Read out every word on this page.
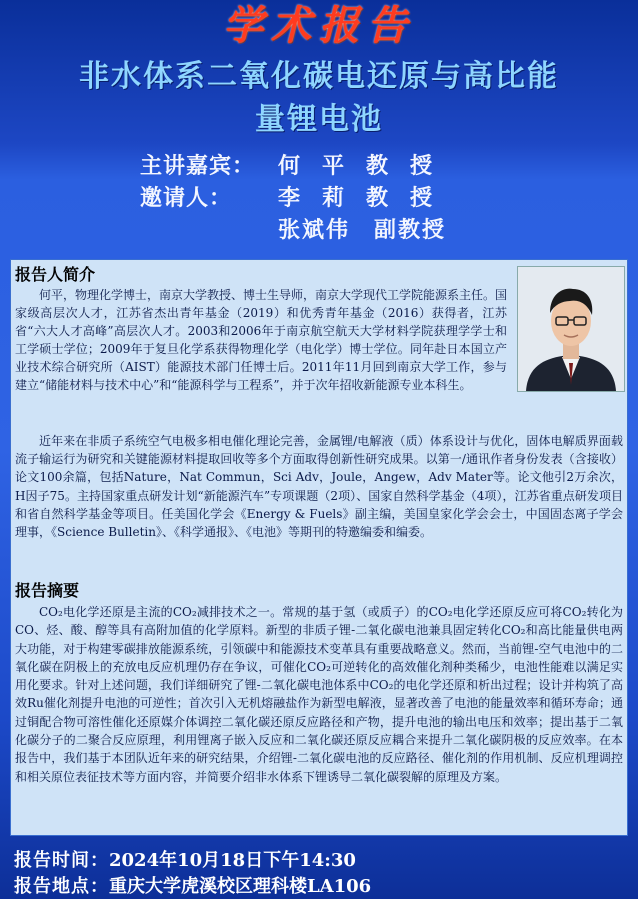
学术报告
非水体系二氧化碳电还原与高比能
量锂电池
主讲嘉宾： 何平教授
邀请人： 李莉教授
张斌伟　副教授
报告人简介
何平，物理化学博士，南京大学教授、博士生导师，南京大学现代工学院能源系主任。国家级高层次人才，江苏省杰出青年基金（2019）和优秀青年基金（2016）获得者，江苏省“六大人才高峰”高层次人才。2003和2006年于南京航空航天大学材料学院获理学学士和工学硕士学位；2009年于复旦化学系获得物理化学（电化学）博士学位。同年赴日本国立产业技术综合研究所（AIST）能源技术部门任博士后。2011年11月回到南京大学工作，参与建立“储能材料与技术中心”和“能源科学与工程系”，并于次年招收新能源专业本科生。
近年来在非质子系统空气电极多相电催化理论完善，金属锂/电解液（质）体系设计与优化，固体电解质界面载流子输运行为研究和关键能源材料提取回收等多个方面取得创新性研究成果。以第一/通讯作者身份发表（含接收）论文100余篇，包括Nature，Nat Commun，Sci Adv，Joule，Angew，Adv Mater等。论文他引2万余次，H因子75。主持国家重点研发计划“新能源汽车”专项课题（2项）、国家自然科学基金（4项），江苏省重点研发项目和省自然科学基金等项目。任美国化学会《Energy & Fuels》副主编，美国皇家化学会会士，中国固态离子学会理事，《Science Bulletin》、《科学通报》、《电池》等期刊的特邀编委和编委。
报告摘要
CO₂电化学还原是主流的CO₂减排技术之一。常规的基于氢（或质子）的CO₂电化学还原反应可将CO₂转化为CO、烃、酸、醇等具有高附加值的化学原料。新型的非质子锂-二氧化碳电池兼具固定转化CO₂和高比能量供电两大功能，对于构建零碳排放能源系统，引领碳中和能源技术变革具有重要战略意义。然而，当前锂-空气电池中的二氧化碳在阴极上的充放电反应机理仍存在争议，可催化CO₂可逆转化的高效催化剂种类稀少，电池性能难以满足实用化要求。针对上述问题，我们详细研究了锂-二氧化碳电池体系中CO₂的电化学还原和析出过程；设计并构筑了高效Ru催化剂提升电池的可逆性；首次引入无机熔融盐作为新型电解液，显著改善了电池的能量效率和循环寿命；通过铜配合物可溶性催化还原媒介体调控二氧化碳还原反应路径和产物，提升电池的输出电压和效率；提出基于二氧化碳分子的二聚合反应原理，利用锂离子嵌入反应和二氧化碳还原反应耦合来提升二氧化碳阴极的反应效率。在本报告中，我们基于本团队近年来的研究结果，介绍锂-二氧化碳电池的反应路径、催化剂的作用机制、反应机理调控和相关原位表征技术等方面内容，并简要介绍非水体系下锂诱导二氧化碳裂解的原理及方案。
报告时间：2024年10月18日下午14:30
报告地点：重庆大学虎溪校区理科楼LA106
